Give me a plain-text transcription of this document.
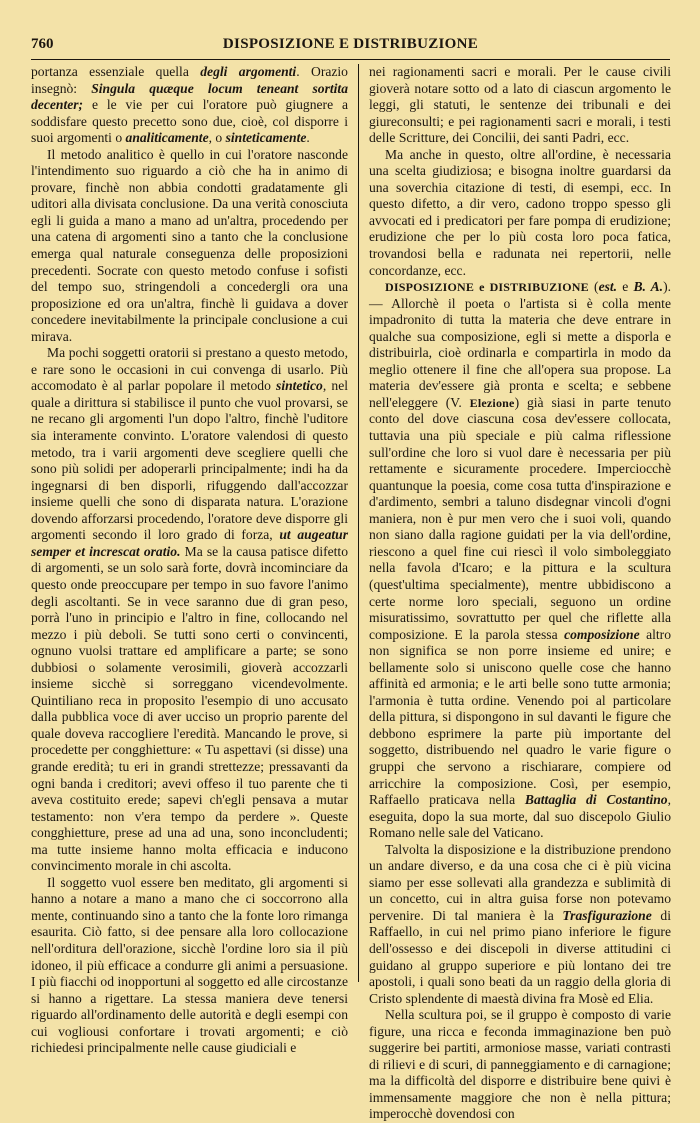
760	DISPOSIZIONE E DISTRIBUZIONE

portanza essenziale quella degli argomenti. Orazio insegnò: Singula quæque locum teneant sortita decenter; e le vie per cui l'oratore può giugnere a soddisfare questo precetto sono due, cioè, col disporre i suoi argomenti o analiticamente, o sinteticamente.

Il metodo analitico è quello in cui l'oratore nasconde l'intendimento suo riguardo a ciò che ha in animo di provare, finchè non abbia condotti gradatamente gli uditori alla divisata conclusione. Da una verità conosciuta egli li guida a mano a mano ad un'altra, procedendo per una catena di argomenti sino a tanto che la conclusione emerga qual naturale conseguenza delle proposizioni precedenti. Socrate con questo metodo confuse i sofisti del tempo suo, stringendoli a concedergli ora una proposizione ed ora un'altra, finchè li guidava a dover concedere inevitabilmente la principale conclusione a cui mirava.

Ma pochi soggetti oratorii si prestano a questo metodo, e rare sono le occasioni in cui convenga di usarlo. Più accomodato è al parlar popolare il metodo sintetico, nel quale a dirittura si stabilisce il punto che vuol provarsi, se ne recano gli argomenti l'un dopo l'altro, finchè l'uditore sia interamente convinto. L'oratore valendosi di questo metodo, tra i varii argomenti deve scegliere quelli che sono più solidi per adoperarli principalmente; indi ha da ingegnarsi di ben disporli, rifuggendo dall'accozzar insieme quelli che sono di disparata natura. L'orazione dovendo afforzarsi procedendo, l'oratore deve disporre gli argomenti secondo il loro grado di forza, ut augeatur semper et increscat oratio. Ma se la causa patisce difetto di argomenti, se un solo sarà forte, dovrà incominciare da questo onde preoccupare per tempo in suo favore l'animo degli ascoltanti. Se in vece saranno due di gran peso, porrà l'uno in principio e l'altro in fine, collocando nel mezzo i più deboli. Se tutti sono certi o convincenti, ognuno vuolsi trattare ed amplificare a parte; se sono dubbiosi o solamente verosimili, gioverà accozzarli insieme sicchè si sorreggano vicendevolmente. Quintiliano reca in proposito l'esempio di uno accusato dalla pubblica voce di aver ucciso un proprio parente del quale doveva raccogliere l'eredità. Mancando le prove, si procedette per congghietture: « Tu aspettavi (si disse) una grande eredità; tu eri in grandi strettezze; pressavanti da ogni banda i creditori; avevi offeso il tuo parente che ti aveva costituito erede; sapevi ch'egli pensava a mutar testamento: non v'era tempo da perdere ». Queste congghietture, prese ad una ad una, sono inconcludenti; ma tutte insieme hanno molta efficacia e inducono convincimento morale in chi ascolta.

Il soggetto vuol essere ben meditato, gli argomenti si hanno a notare a mano a mano che ci soccorrono alla mente, continuando sino a tanto che la fonte loro rimanga esaurita. Ciò fatto, si dee pensare alla loro collocazione nell'orditura dell'orazione, sicchè l'ordine loro sia il più idoneo, il più efficace a condurre gli animi a persuasione. I più fiacchi od inopportuni al soggetto ed alle circostanze si hanno a rigettare. La stessa maniera deve tenersi riguardo all'ordinamento delle autorità e degli esempi con cui vogliousi confortare i trovati argomenti; e ciò richiedesi principalmente nelle cause giudiciali e

nei ragionamenti sacri e morali. Per le cause civili gioverà notare sotto od a lato di ciascun argomento le leggi, gli statuti, le sentenze dei tribunali e dei giureconsulti; e pei ragionamenti sacri e morali, i testi delle Scritture, dei Concilii, dei santi Padri, ecc.

Ma anche in questo, oltre all'ordine, è necessaria una scelta giudiziosa; e bisogna inoltre guardarsi da una soverchia citazione di testi, di esempi, ecc. In questo difetto, a dir vero, cadono troppo spesso gli avvocati ed i predicatori per fare pompa di erudizione; erudizione che per lo più costa loro poca fatica, trovandosi bella e radunata nei repertorii, nelle concordanze, ecc.

DISPOSIZIONE e DISTRIBUZIONE (est. e B. A.). — Allorchè il poeta o l'artista si è colla mente impadronito di tutta la materia che deve entrare in qualche sua composizione, egli si mette a disporla e distribuirla, cioè ordinarla e compartirla in modo da meglio ottenere il fine che all'opera sua propose. La materia dev'essere già pronta e scelta; e sebbene nell'eleggere (V. Elezione) già siasi in parte tenuto conto del dove ciascuna cosa dev'essere collocata, tuttavia una più speciale e più calma riflessione sull'ordine che loro si vuol dare è necessaria per più rettamente e sicuramente procedere. Imperciocchè quantunque la poesia, come cosa tutta d'inspirazione e d'ardimento, sembri a taluno disdegnar vincoli d'ogni maniera, non è pur men vero che i suoi voli, quando non siano dalla ragione guidati per la via dell'ordine, riescono a quel fine cui riescì il volo simboleggiato nella favola d'Icaro; e la pittura e la scultura (quest'ultima specialmente), mentre ubbidiscono a certe norme loro speciali, seguono un ordine misuratissimo, sovrattutto per quel che riflette alla composizione. E la parola stessa composizione altro non significa se non porre insieme ed unire; e bellamente solo si uniscono quelle cose che hanno affinità ed armonia; e le arti belle sono tutte armonia; l'armonia è tutta ordine. Venendo poi al particolare della pittura, si dispongono in sul davanti le figure che debbono esprimere la parte più importante del soggetto, distribuendo nel quadro le varie figure o gruppi che servono a rischiarare, compiere od arricchire la composizione. Così, per esempio, Raffaello praticava nella Battaglia di Costantino, eseguita, dopo la sua morte, dal suo discepolo Giulio Romano nelle sale del Vaticano.

Talvolta la disposizione e la distribuzione prendono un andare diverso, e da una cosa che ci è più vicina siamo per esse sollevati alla grandezza e sublimità di un concetto, cui in altra guisa forse non potevamo pervenire. Di tal maniera è la Trasfigurazione di Raffaello, in cui nel primo piano inferiore le figure dell'ossesso e dei discepoli in diverse attitudini ci guidano al gruppo superiore e più lontano dei tre apostoli, i quali sono beati da un raggio della gloria di Cristo splendente di maestà divina fra Mosè ed Elia.

Nella scultura poi, se il gruppo è composto di varie figure, una ricca e feconda immaginazione ben può suggerire bei partiti, armoniose masse, variati contrasti di rilievi e di scuri, di panneggiamento e di carnagione; ma la difficoltà del disporre e distribuire bene quivi è immensamente maggiore che non è nella pittura; imperocchè dovendosi con
